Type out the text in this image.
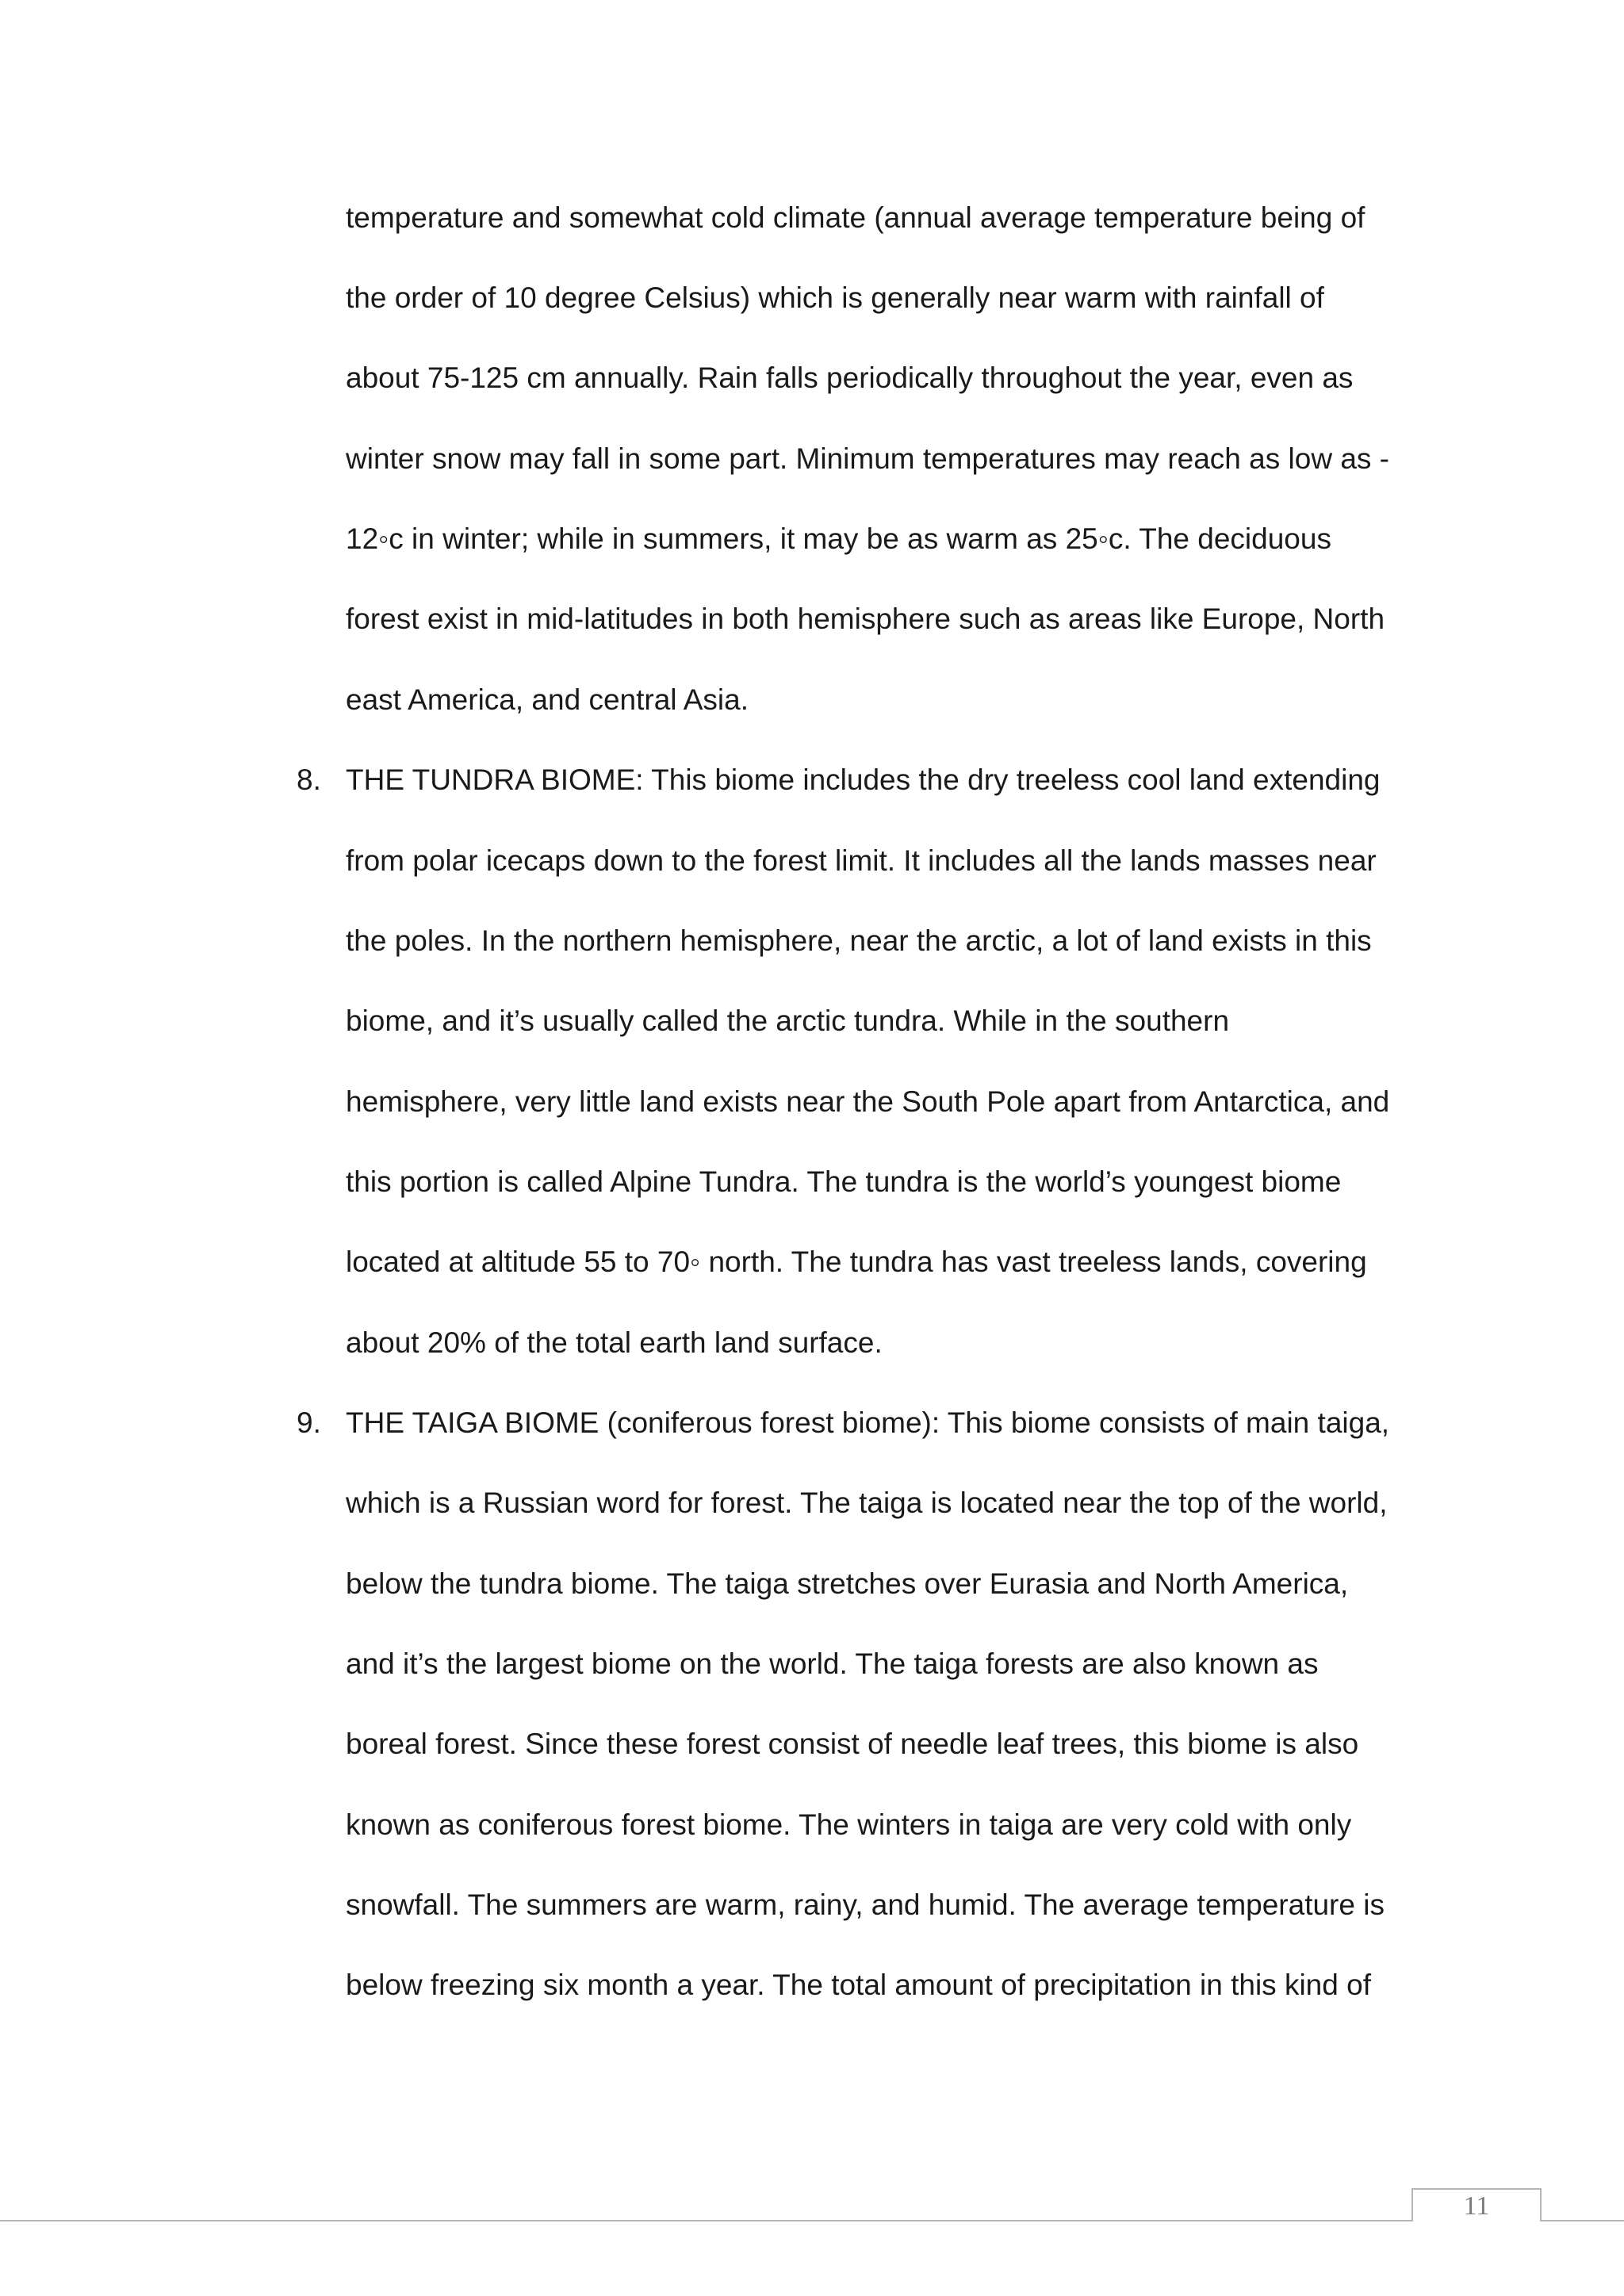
temperature and somewhat cold climate (annual average temperature being of
the order of 10 degree Celsius) which is generally near warm with rainfall of
about 75-125 cm annually. Rain falls periodically throughout the year, even as
winter snow may fall in some part. Minimum temperatures may reach as low as -
12◦c in winter; while in summers, it may be as warm as 25◦c. The deciduous
forest exist in mid-latitudes in both hemisphere such as areas like Europe, North
east America, and central Asia.
8. THE TUNDRA BIOME: This biome includes the dry treeless cool land extending
from polar icecaps down to the forest limit. It includes all the lands masses near
the poles. In the northern hemisphere, near the arctic, a lot of land exists in this
biome, and it’s usually called the arctic tundra. While in the southern
hemisphere, very little land exists near the South Pole apart from Antarctica, and
this portion is called Alpine Tundra. The tundra is the world’s youngest biome
located at altitude 55 to 70◦ north. The tundra has vast treeless lands, covering
about 20% of the total earth land surface.
9. THE TAIGA BIOME (coniferous forest biome): This biome consists of main taiga,
which is a Russian word for forest. The taiga is located near the top of the world,
below the tundra biome. The taiga stretches over Eurasia and North America,
and it’s the largest biome on the world. The taiga forests are also known as
boreal forest. Since these forest consist of needle leaf trees, this biome is also
known as coniferous forest biome. The winters in taiga are very cold with only
snowfall. The summers are warm, rainy, and humid. The average temperature is
below freezing six month a year. The total amount of precipitation in this kind of
11
